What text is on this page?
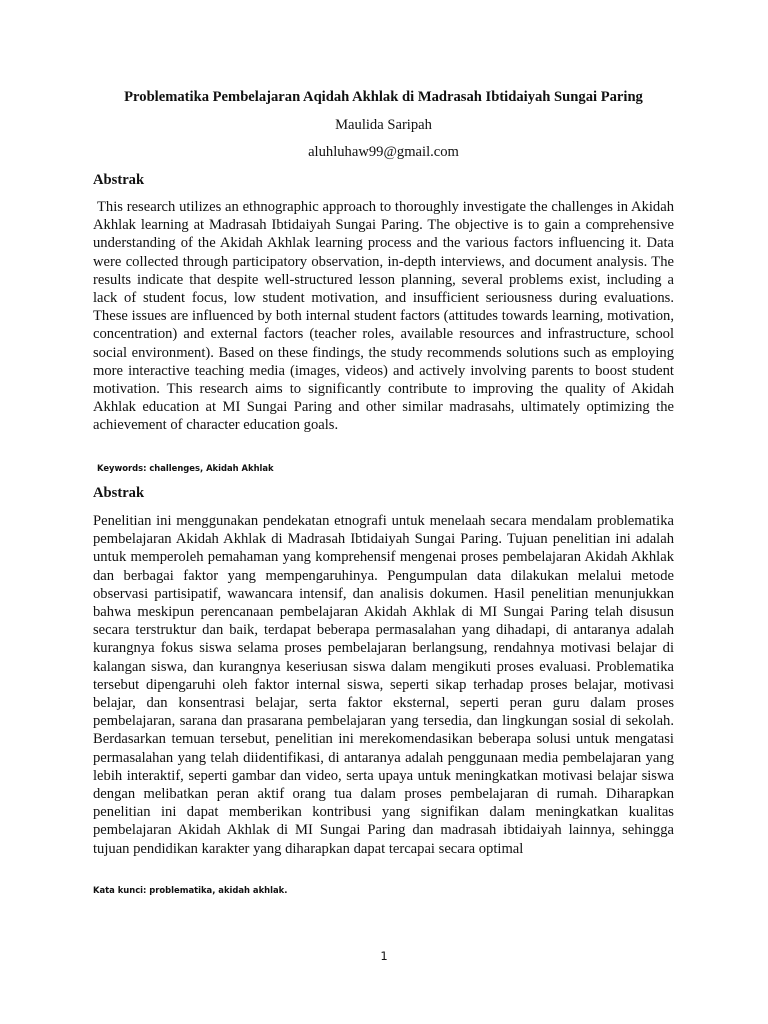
Problematika Pembelajaran Aqidah Akhlak di Madrasah Ibtidaiyah Sungai Paring
Maulida Saripah
aluhluhaw99@gmail.com
Abstrak

This research utilizes an ethnographic approach to thoroughly investigate the challenges in Akidah Akhlak learning at Madrasah Ibtidaiyah Sungai Paring. The objective is to gain a comprehensive understanding of the Akidah Akhlak learning process and the various factors influencing it. Data were collected through participatory observation, in-depth interviews, and document analysis. The results indicate that despite well-structured lesson planning, several problems exist, including a lack of student focus, low student motivation, and insufficient seriousness during evaluations. These issues are influenced by both internal student factors (attitudes towards learning, motivation, concentration) and external factors (teacher roles, available resources and infrastructure, school social environment). Based on these findings, the study recommends solutions such as employing more interactive teaching media (images, videos) and actively involving parents to boost student motivation. This research aims to significantly contribute to improving the quality of Akidah Akhlak education at MI Sungai Paring and other similar madrasahs, ultimately optimizing the achievement of character education goals.

Keywords: challenges, Akidah Akhlak
Abstrak

Penelitian ini menggunakan pendekatan etnografi untuk menelaah secara mendalam problematika pembelajaran Akidah Akhlak di Madrasah Ibtidaiyah Sungai Paring. Tujuan penelitian ini adalah untuk memperoleh pemahaman yang komprehensif mengenai proses pembelajaran Akidah Akhlak dan berbagai faktor yang mempengaruhinya. Pengumpulan data dilakukan melalui metode observasi partisipatif, wawancara intensif, dan analisis dokumen. Hasil penelitian menunjukkan bahwa meskipun perencanaan pembelajaran Akidah Akhlak di MI Sungai Paring telah disusun secara terstruktur dan baik, terdapat beberapa permasalahan yang dihadapi, di antaranya adalah kurangnya fokus siswa selama proses pembelajaran berlangsung, rendahnya motivasi belajar di kalangan siswa, dan kurangnya keseriusan siswa dalam mengikuti proses evaluasi. Problematika tersebut dipengaruhi oleh faktor internal siswa, seperti sikap terhadap proses belajar, motivasi belajar, dan konsentrasi belajar, serta faktor eksternal, seperti peran guru dalam proses pembelajaran, sarana dan prasarana pembelajaran yang tersedia, dan lingkungan sosial di sekolah. Berdasarkan temuan tersebut, penelitian ini merekomendasikan beberapa solusi untuk mengatasi permasalahan yang telah diidentifikasi, di antaranya adalah penggunaan media pembelajaran yang lebih interaktif, seperti gambar dan video, serta upaya untuk meningkatkan motivasi belajar siswa dengan melibatkan peran aktif orang tua dalam proses pembelajaran di rumah. Diharapkan penelitian ini dapat memberikan kontribusi yang signifikan dalam meningkatkan kualitas pembelajaran Akidah Akhlak di MI Sungai Paring dan madrasah ibtidaiyah lainnya, sehingga tujuan pendidikan karakter yang diharapkan dapat tercapai secara optimal

Kata kunci: problematika, akidah akhlak.
1
